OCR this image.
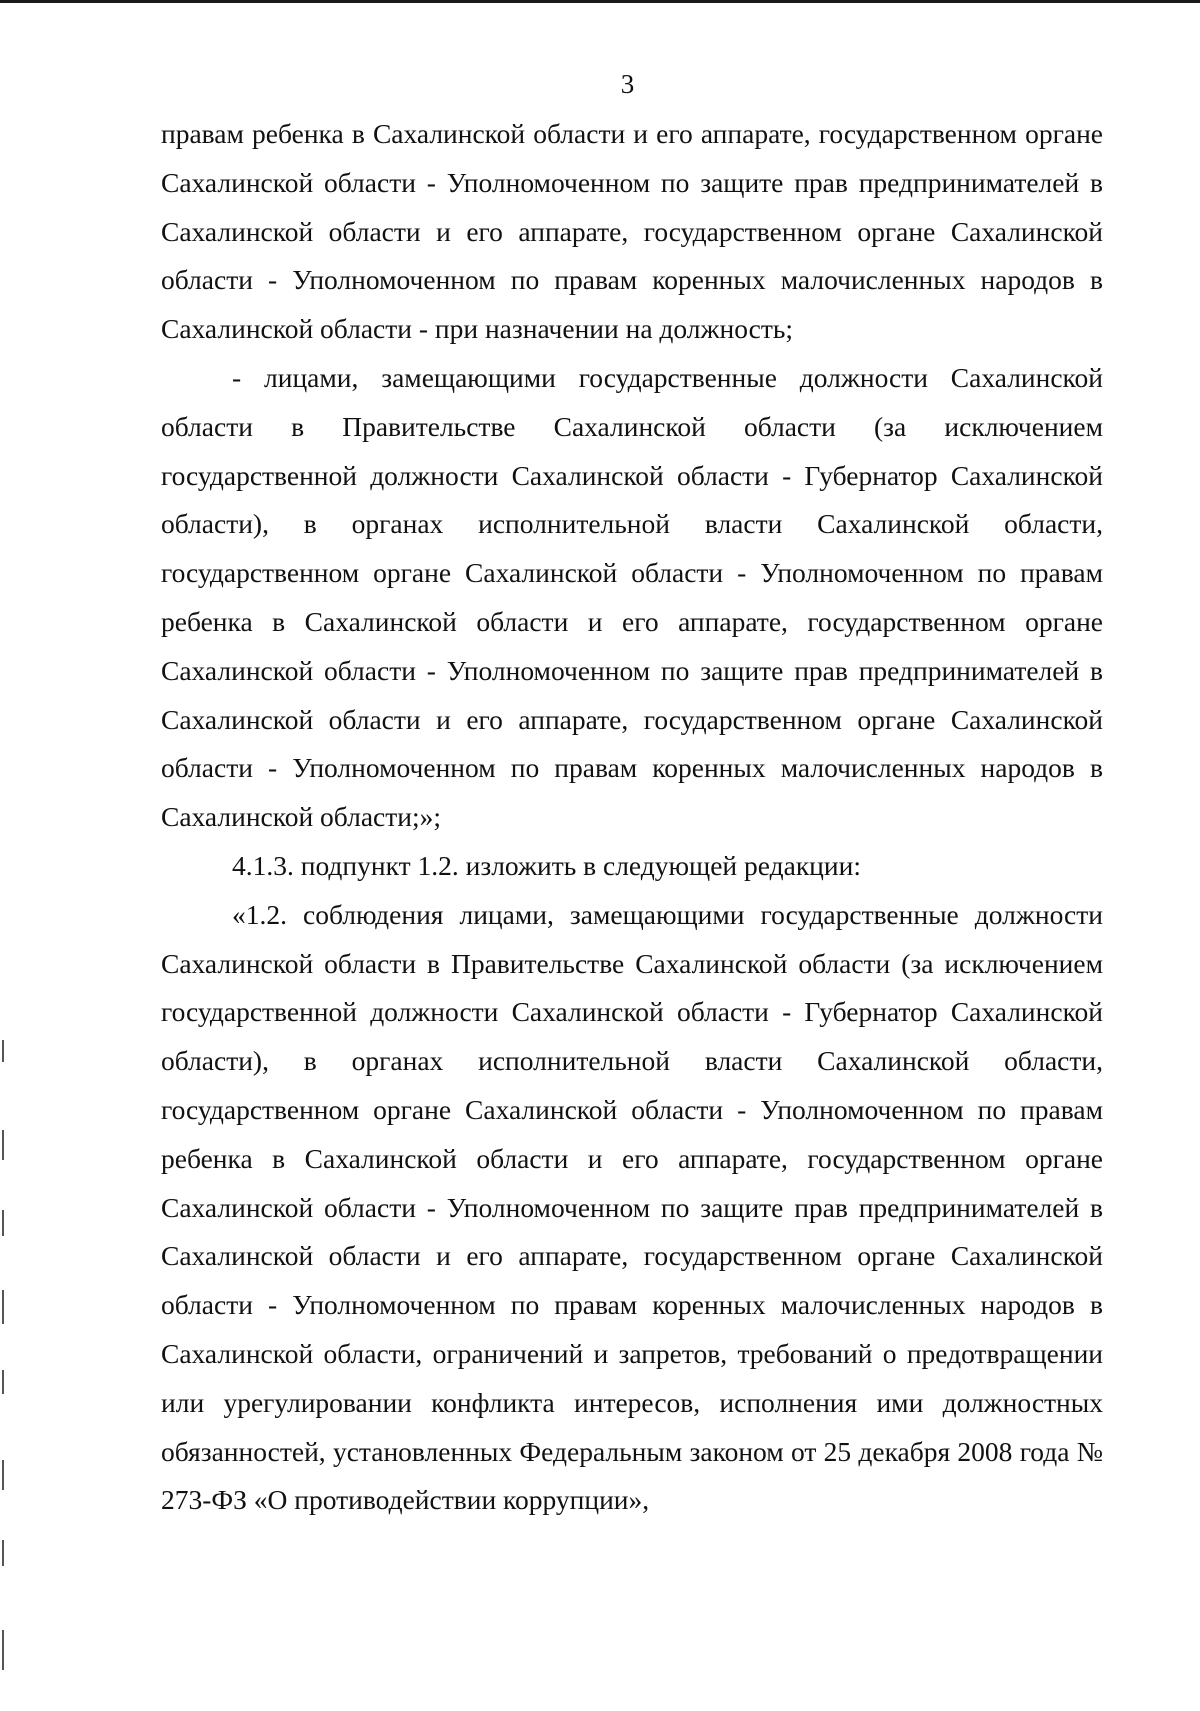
3

правам ребенка в Сахалинской области и его аппарате, государственном органе Сахалинской области - Уполномоченном по защите прав предпринимателей в Сахалинской области и его аппарате, государственном органе Сахалинской области - Уполномоченном по правам коренных малочисленных народов в Сахалинской области - при назначении на должность;

- лицами, замещающими государственные должности Сахалинской области в Правительстве Сахалинской области (за исключением государственной должности Сахалинской области - Губернатор Сахалинской области), в органах исполнительной власти Сахалинской области, государственном органе Сахалинской области - Уполномоченном по правам ребенка в Сахалинской области и его аппарате, государственном органе Сахалинской области - Уполномоченном по защите прав предпринимателей в Сахалинской области и его аппарате, государственном органе Сахалинской области - Уполномоченном по правам коренных малочисленных народов в Сахалинской области;»;

4.1.3. подпункт 1.2. изложить в следующей редакции:

«1.2. соблюдения лицами, замещающими государственные должности Сахалинской области в Правительстве Сахалинской области (за исключением государственной должности Сахалинской области - Губернатор Сахалинской области), в органах исполнительной власти Сахалинской области, государственном органе Сахалинской области - Уполномоченном по правам ребенка в Сахалинской области и его аппарате, государственном органе Сахалинской области - Уполномоченном по защите прав предпринимателей в Сахалинской области и его аппарате, государственном органе Сахалинской области - Уполномоченном по правам коренных малочисленных народов в Сахалинской области, ограничений и запретов, требований о предотвращении или урегулировании конфликта интересов, исполнения ими должностных обязанностей, установленных Федеральным законом от 25 декабря 2008 года № 273-ФЗ «О противодействии коррупции»,
